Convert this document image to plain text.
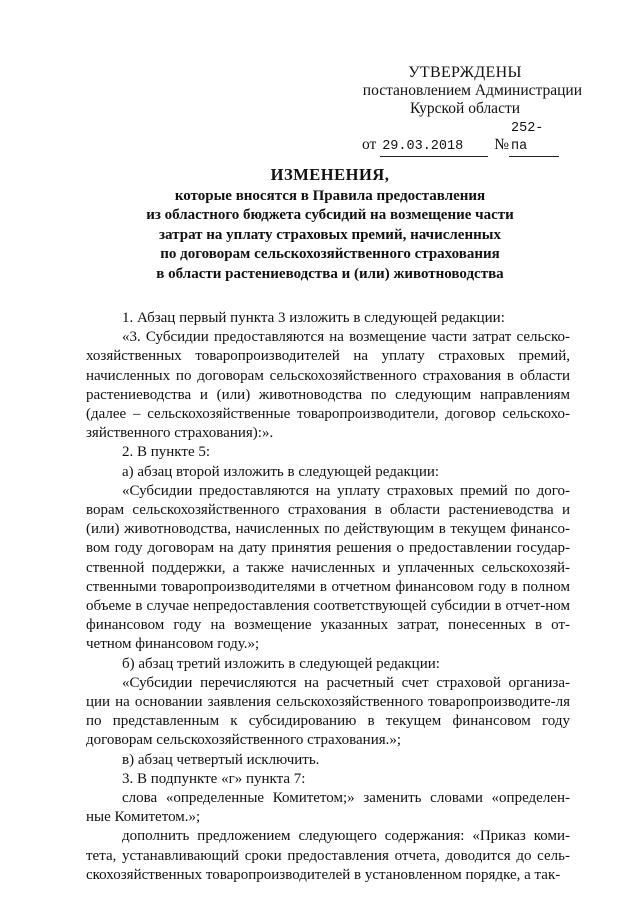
УТВЕРЖДЕНЫ
постановлением Администрации
Курской области
от 29.03.2018 №252-па
ИЗМЕНЕНИЯ,
которые вносятся в Правила предоставления
из областного бюджета субсидий на возмещение части
затрат на уплату страховых премий, начисленных
по договорам сельскохозяйственного страхования
в области растениеводства и (или) животноводства

1. Абзац первый пункта 3 изложить в следующей редакции:

«3. Субсидии предоставляются на возмещение части затрат сельско-хозяйственных товаропроизводителей на уплату страховых премий, начисленных по договорам сельскохозяйственного страхования в области растениеводства и (или) животноводства по следующим направлениям (далее – сельскохозяйственные товаропроизводители, договор сельскохо-зяйственного страхования):».

2. В пункте 5:

а) абзац второй изложить в следующей редакции:

«Субсидии предоставляются на уплату страховых премий по дого-ворам сельскохозяйственного страхования в области растениеводства и (или) животноводства, начисленных по действующим в текущем финансо-вом году договорам на дату принятия решения о предоставлении государ-ственной поддержки, а также начисленных и уплаченных сельскохозяй-ственными товаропроизводителями в отчетном финансовом году в полном объеме в случае непредоставления соответствующей субсидии в отчет-ном финансовом году на возмещение указанных затрат, понесенных в от-четном финансовом году.»;

б) абзац третий изложить в следующей редакции:

«Субсидии перечисляются на расчетный счет страховой организа-ции на основании заявления сельскохозяйственного товаропроизводите-ля по представленным к субсидированию в текущем финансовом году договорам сельскохозяйственного страхования.»;

в) абзац четвертый исключить.

3. В подпункте «г» пункта 7:

слова «определенные Комитетом;» заменить словами «определен-ные Комитетом.»;

дополнить предложением следующего содержания: «Приказ коми-тета, устанавливающий сроки предоставления отчета, доводится до сель-скохозяйственных товаропроизводителей в установленном порядке, а так-
